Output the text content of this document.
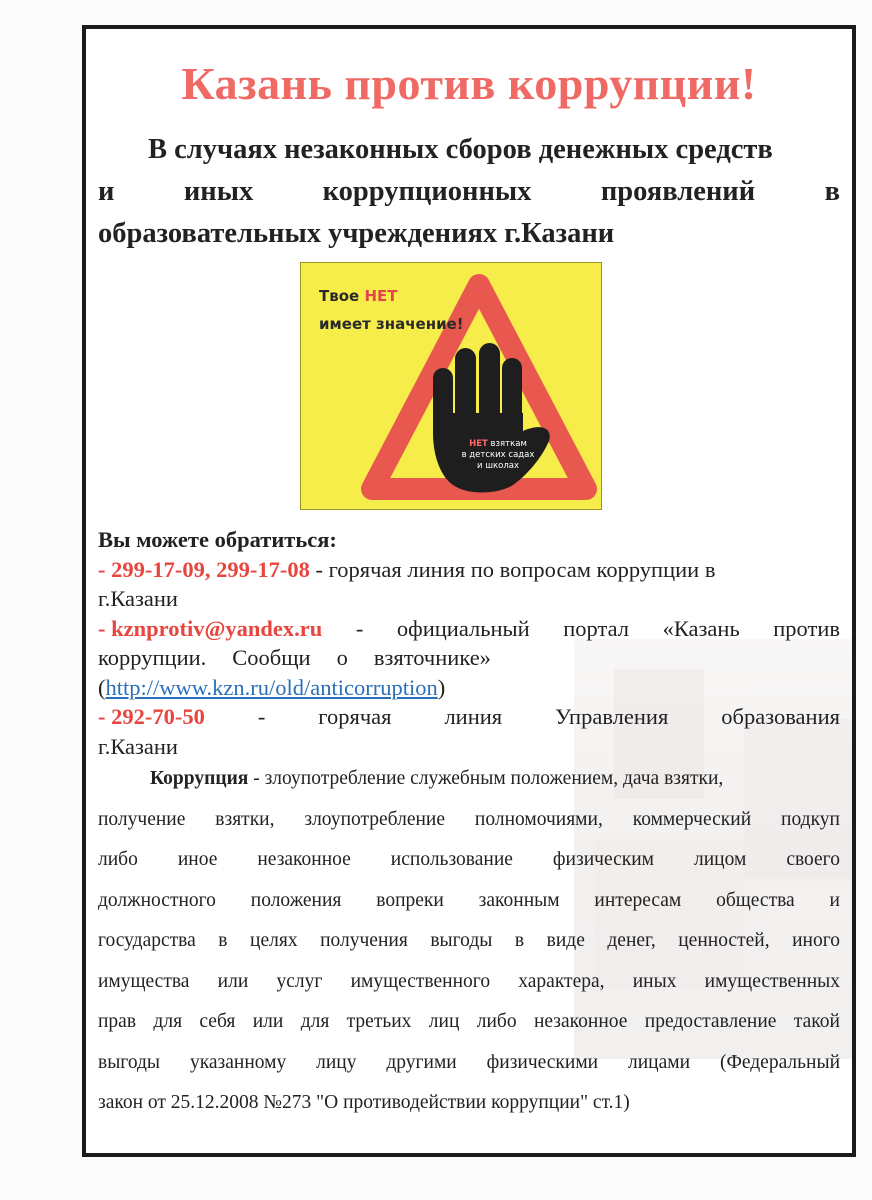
Казань против коррупции!
В случаях незаконных сборов денежных средств
и иных коррупционных проявлений в
образовательных учреждениях г.Казани
Твое НЕТ
имеет значение!
НЕТ взяткам
в детских садах
и школах
Вы можете обратиться:
- 299-17-09, 299-17-08 - горячая линия по вопросам коррупции в
г.Казани
- kznprotiv@yandex.ru - официальный портал «Казань против
коррупции. Сообщи о взяточнике»
(http://www.kzn.ru/old/anticorruption)
- 292-70-50 - горячая линия Управления образования
г.Казани
Коррупция - злоупотребление служебным положением, дача взятки,
получение взятки, злоупотребление полномочиями, коммерческий подкуп
либо иное незаконное использование физическим лицом своего
должностного положения вопреки законным интересам общества и
государства в целях получения выгоды в виде денег, ценностей, иного
имущества или услуг имущественного характера, иных имущественных
прав для себя или для третьих лиц либо незаконное предоставление такой
выгоды указанному лицу другими физическими лицами (Федеральный
закон от 25.12.2008 №273 "О противодействии коррупции" ст.1)
